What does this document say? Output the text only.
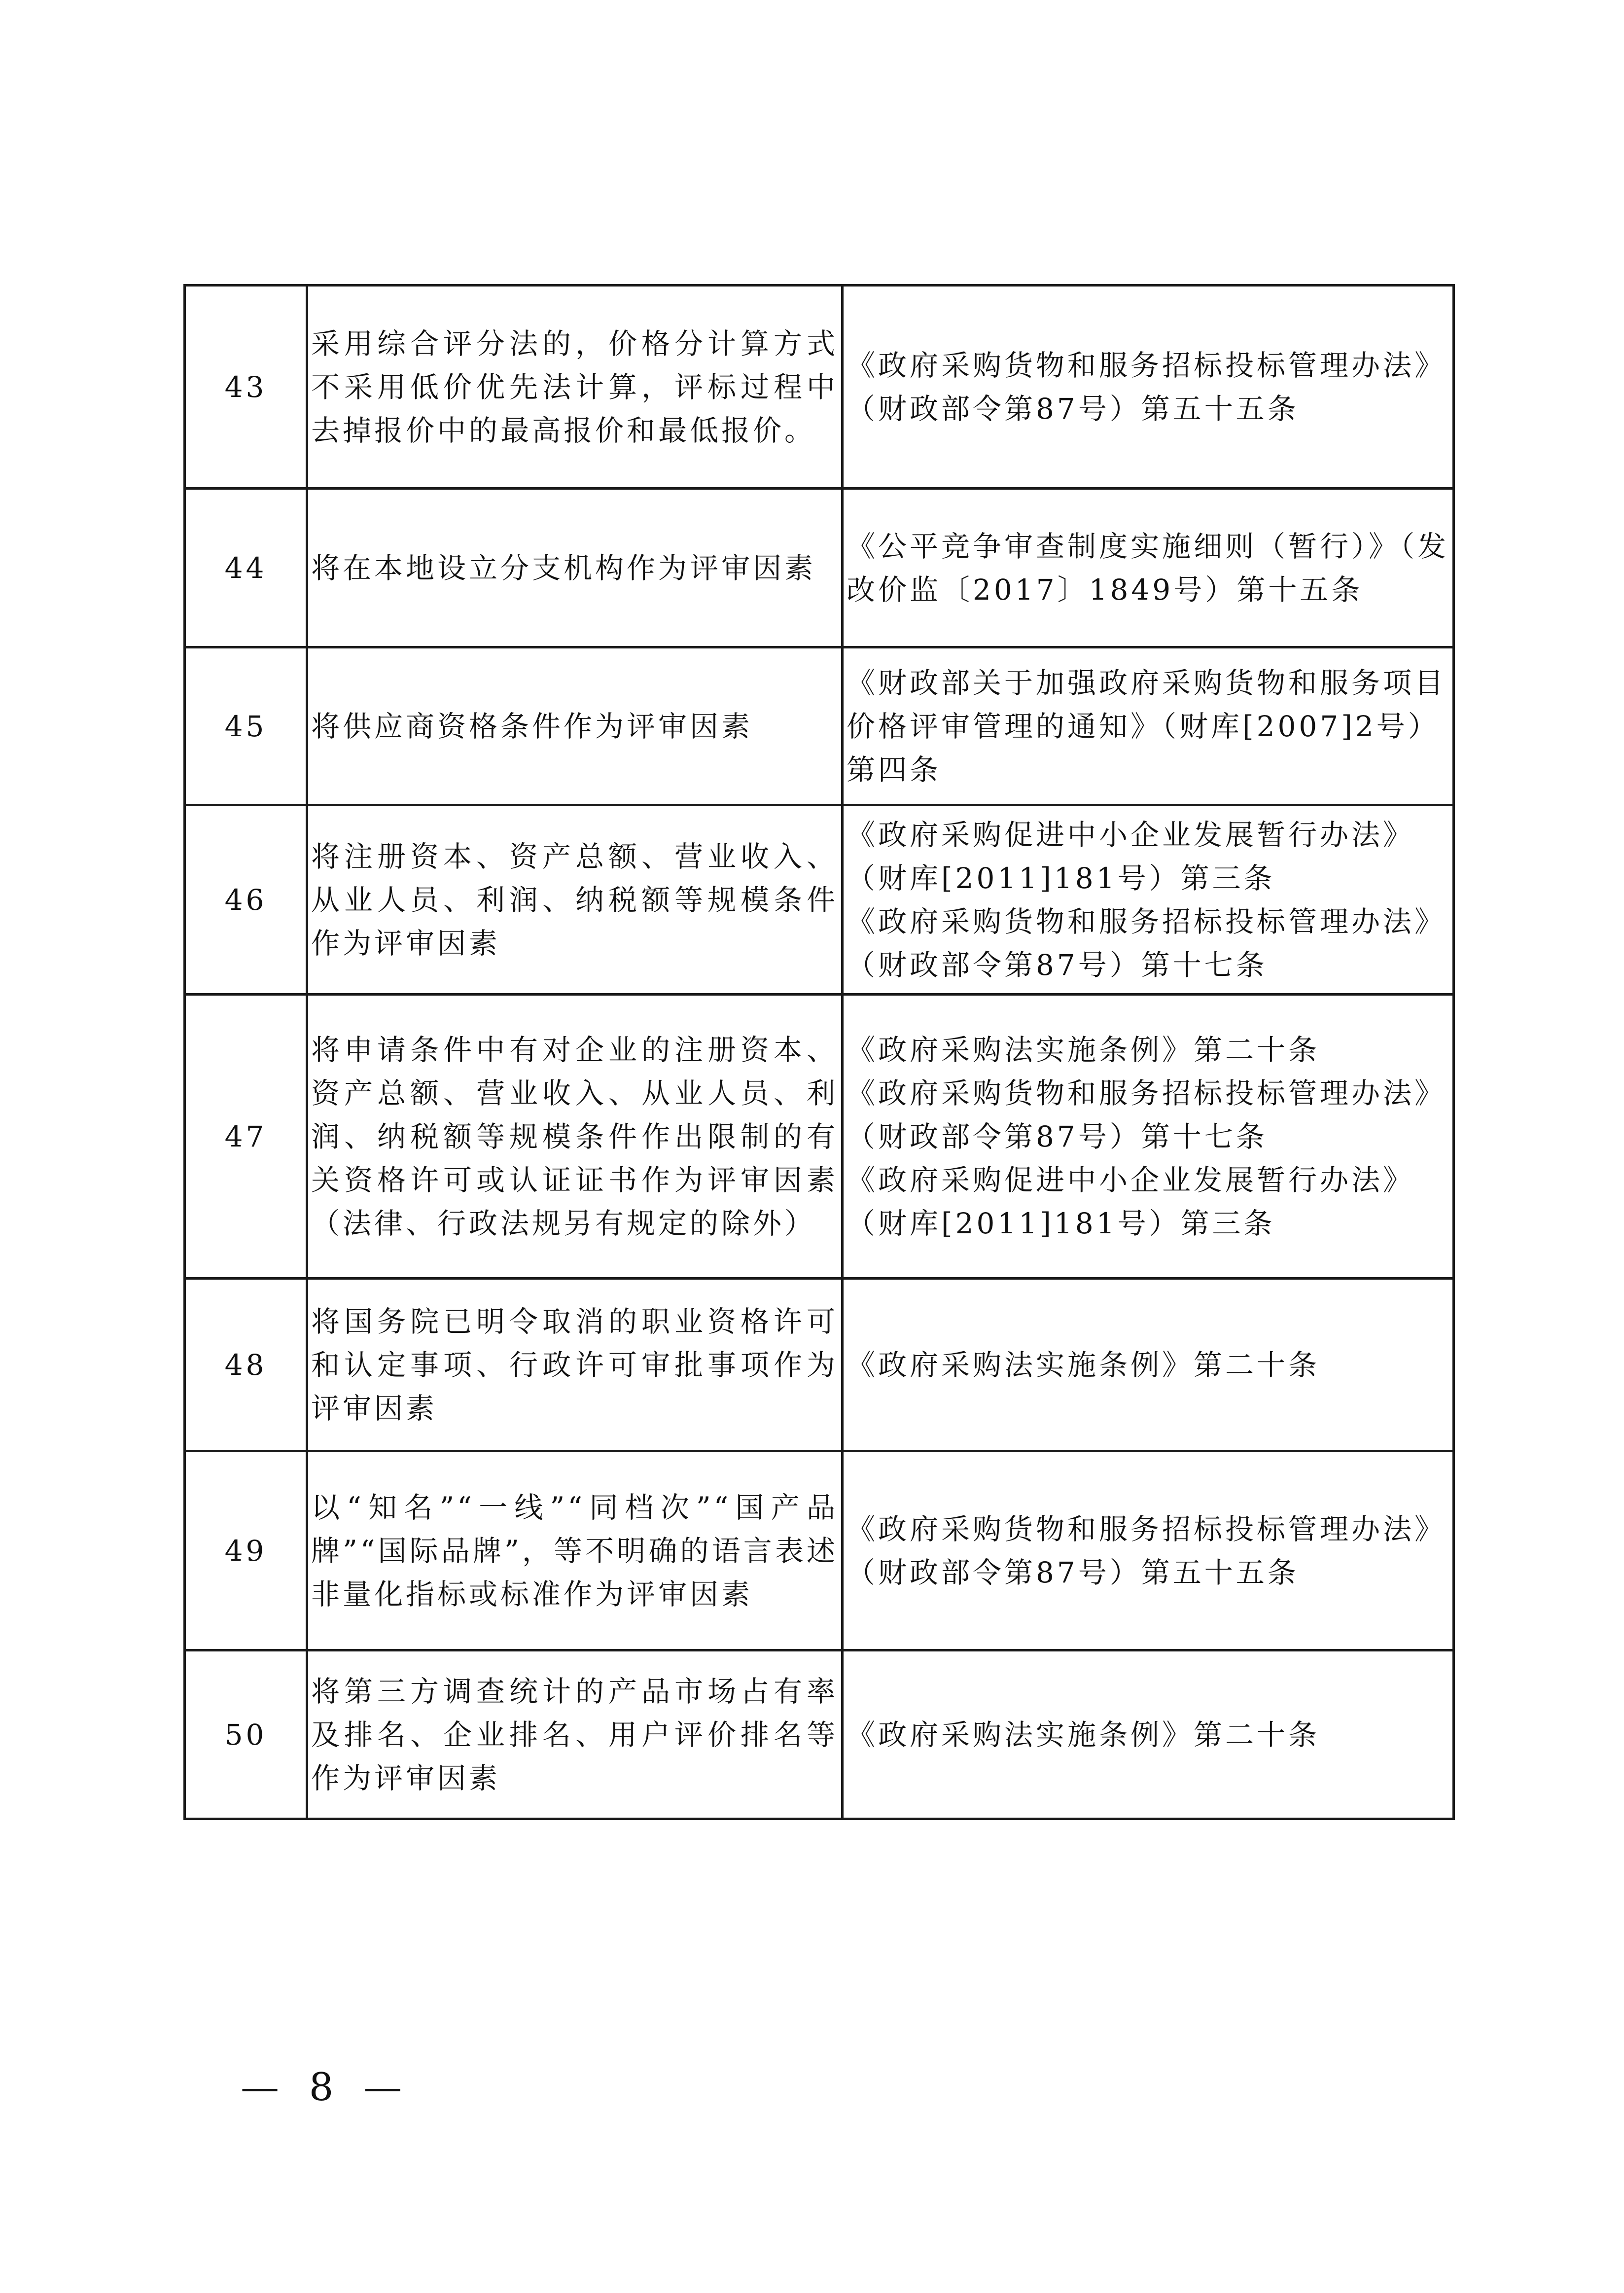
43	采用综合评分法的，价格分计算方式不采用低价优先法计算，评标过程中去掉报价中的最高报价和最低报价。	《政府采购货物和服务招标投标管理办法》（财政部令第87号）第五十五条

44	将在本地设立分支机构作为评审因素	《公平竞争审查制度实施细则（暂行）》（发改价监〔2017〕1849号）第十五条

45	将供应商资格条件作为评审因素	《财政部关于加强政府采购货物和服务项目价格评审管理的通知》（财库[2007]2号）第四条

46	将注册资本、资产总额、营业收入、从业人员、利润、纳税额等规模条件作为评审因素	《政府采购促进中小企业发展暂行办法》（财库[2011]181号）第三条
《政府采购货物和服务招标投标管理办法》（财政部令第87号）第十七条

47	将申请条件中有对企业的注册资本、资产总额、营业收入、从业人员、利润、纳税额等规模条件作出限制的有关资格许可或认证证书作为评审因素（法律、行政法规另有规定的除外）	《政府采购法实施条例》第二十条
《政府采购货物和服务招标投标管理办法》（财政部令第87号）第十七条
《政府采购促进中小企业发展暂行办法》（财库[2011]181号）第三条

48	将国务院已明令取消的职业资格许可和认定事项、行政许可审批事项作为评审因素	《政府采购法实施条例》第二十条

49	以“知名”“一线”“同档次”“国产品牌”“国际品牌”，等不明确的语言表述非量化指标或标准作为评审因素	《政府采购货物和服务招标投标管理办法》（财政部令第87号）第五十五条

50	将第三方调查统计的产品市场占有率及排名、企业排名、用户评价排名等作为评审因素	《政府采购法实施条例》第二十条
— 8 —
